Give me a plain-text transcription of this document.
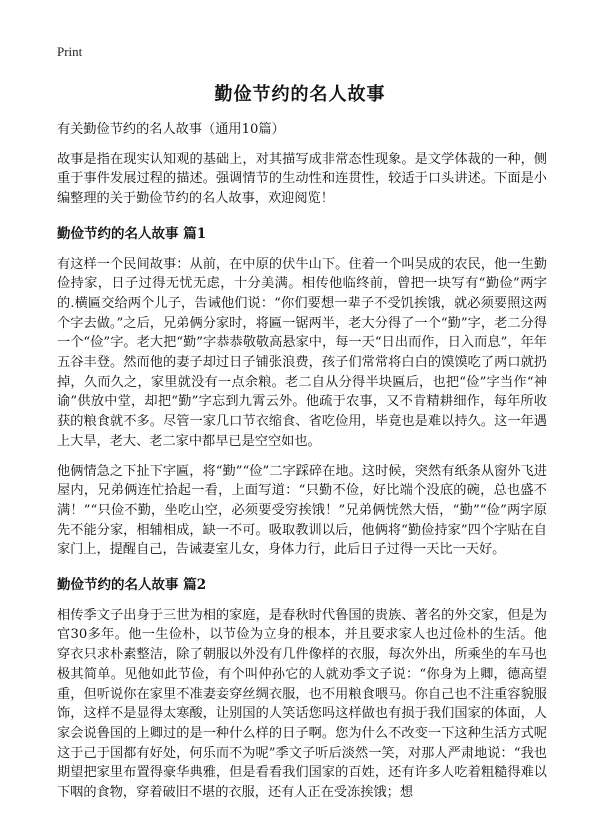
Print
勤俭节约的名人故事

有关勤俭节约的名人故事（通用10篇）

故事是指在现实认知观的基础上，对其描写成非常态性现象。是文学体裁的一种，侧重于事件发展过程的描述。强调情节的生动性和连贯性，较适于口头讲述。下面是小编整理的关于勤俭节约的名人故事，欢迎阅览！

勤俭节约的名人故事 篇1

有这样一个民间故事：从前，在中原的伏牛山下。住着一个叫吴成的农民，他一生勤俭持家，日子过得无忧无虑，十分美满。相传他临终前，曾把一块写有“勤俭”两字的.横匾交给两个儿子，告诫他们说：“你们要想一辈子不受饥挨饿，就必须要照这两个字去做。”之后，兄弟俩分家时，将匾一锯两半，老大分得了一个“勤”字，老二分得一个“俭”字。老大把“勤”字恭恭敬敬高悬家中，每一天“日出而作，日入而息”，年年五谷丰登。然而他的妻子却过日子铺张浪费，孩子们常常将白白的馍馍吃了两口就扔掉，久而久之，家里就没有一点余粮。老二自从分得半块匾后，也把“俭”字当作“神谕”供放中堂，却把“勤”字忘到九霄云外。他疏于农事，又不肯精耕细作，每年所收获的粮食就不多。尽管一家几口节衣缩食、省吃俭用，毕竟也是难以持久。这一年遇上大旱，老大、老二家中都早已是空空如也。

他俩情急之下扯下字匾，将“勤”“俭”二字踩碎在地。这时候，突然有纸条从窗外飞进屋内，兄弟俩连忙拾起一看，上面写道：“只勤不俭，好比端个没底的碗，总也盛不满！”“只俭不勤，坐吃山空，必须要受穷挨饿！”兄弟俩恍然大悟，“勤”“俭”两字原先不能分家，相辅相成，缺一不可。吸取教训以后，他俩将“勤俭持家”四个字贴在自家门上，提醒自己，告诫妻室儿女，身体力行，此后日子过得一天比一天好。

勤俭节约的名人故事 篇2

相传季文子出身于三世为相的家庭，是春秋时代鲁国的贵族、著名的外交家，但是为官30多年。他一生俭朴，以节俭为立身的根本，并且要求家人也过俭朴的生活。他穿衣只求朴素整洁，除了朝服以外没有几件像样的衣服，每次外出，所乘坐的车马也极其简单。见他如此节俭，有个叫仲孙它的人就劝季文子说：“你身为上卿，德高望重，但听说你在家里不准妻妾穿丝绸衣服，也不用粮食喂马。你自己也不注重容貌服饰，这样不是显得太寒酸，让别国的人笑话您吗这样做也有损于我们国家的体面，人家会说鲁国的上卿过的是一种什么样的日子啊。您为什么不改变一下这种生活方式呢这于己于国都有好处，何乐而不为呢”季文子听后淡然一笑，对那人严肃地说：“我也期望把家里布置得豪华典雅，但是看看我们国家的百姓，还有许多人吃着粗糙得难以下咽的食物，穿着破旧不堪的衣服，还有人正在受冻挨饿；想
